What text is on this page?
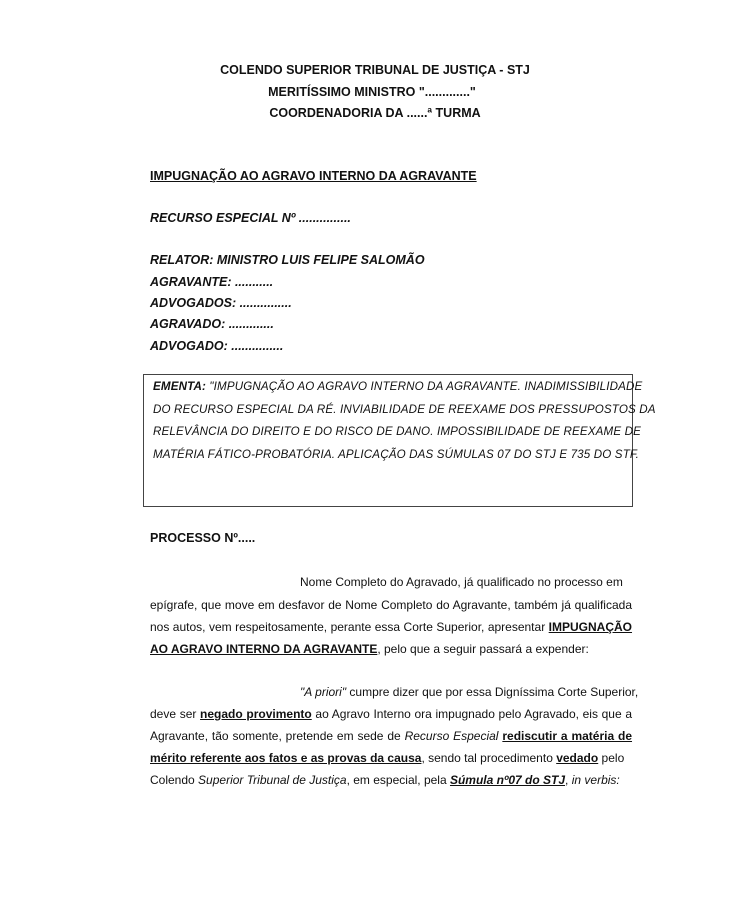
COLENDO SUPERIOR TRIBUNAL DE JUSTIÇA - STJ
MERITÍSSIMO MINISTRO "............."
COORDENADORIA DA ......ª TURMA
IMPUGNAÇÃO AO AGRAVO INTERNO DA AGRAVANTE
RECURSO ESPECIAL Nº ...............
RELATOR: MINISTRO LUIS FELIPE SALOMÃO
AGRAVANTE: ...........
ADVOGADOS: ...............
AGRAVADO: .............
ADVOGADO: ...............
EMENTA: "IMPUGNAÇÃO AO AGRAVO INTERNO DA AGRAVANTE. INADIMISSIBILIDADE
DO RECURSO ESPECIAL DA RÉ. INVIABILIDADE DE REEXAME DOS PRESSUPOSTOS DA
RELEVÂNCIA DO DIREITO E DO RISCO DE DANO. IMPOSSIBILIDADE DE REEXAME DE
MATÉRIA FÁTICO-PROBATÓRIA. APLICAÇÃO DAS SÚMULAS 07 DO STJ E 735 DO STF.
PROCESSO Nº.....
Nome Completo do Agravado, já qualificado no processo em
epígrafe, que move em desfavor de Nome Completo do Agravante, também já qualificada
nos autos, vem respeitosamente, perante essa Corte Superior, apresentar IMPUGNAÇÃO
AO AGRAVO INTERNO DA AGRAVANTE, pelo que a seguir passará a expender:
"A priori" cumpre dizer que por essa Digníssima Corte Superior,
deve ser negado provimento ao Agravo Interno ora impugnado pelo Agravado, eis que a
Agravante, tão somente, pretende em sede de Recurso Especial rediscutir a matéria de
mérito referente aos fatos e as provas da causa, sendo tal procedimento vedado pelo
Colendo Superior Tribunal de Justiça, em especial, pela Súmula nº07 do STJ, in verbis:
